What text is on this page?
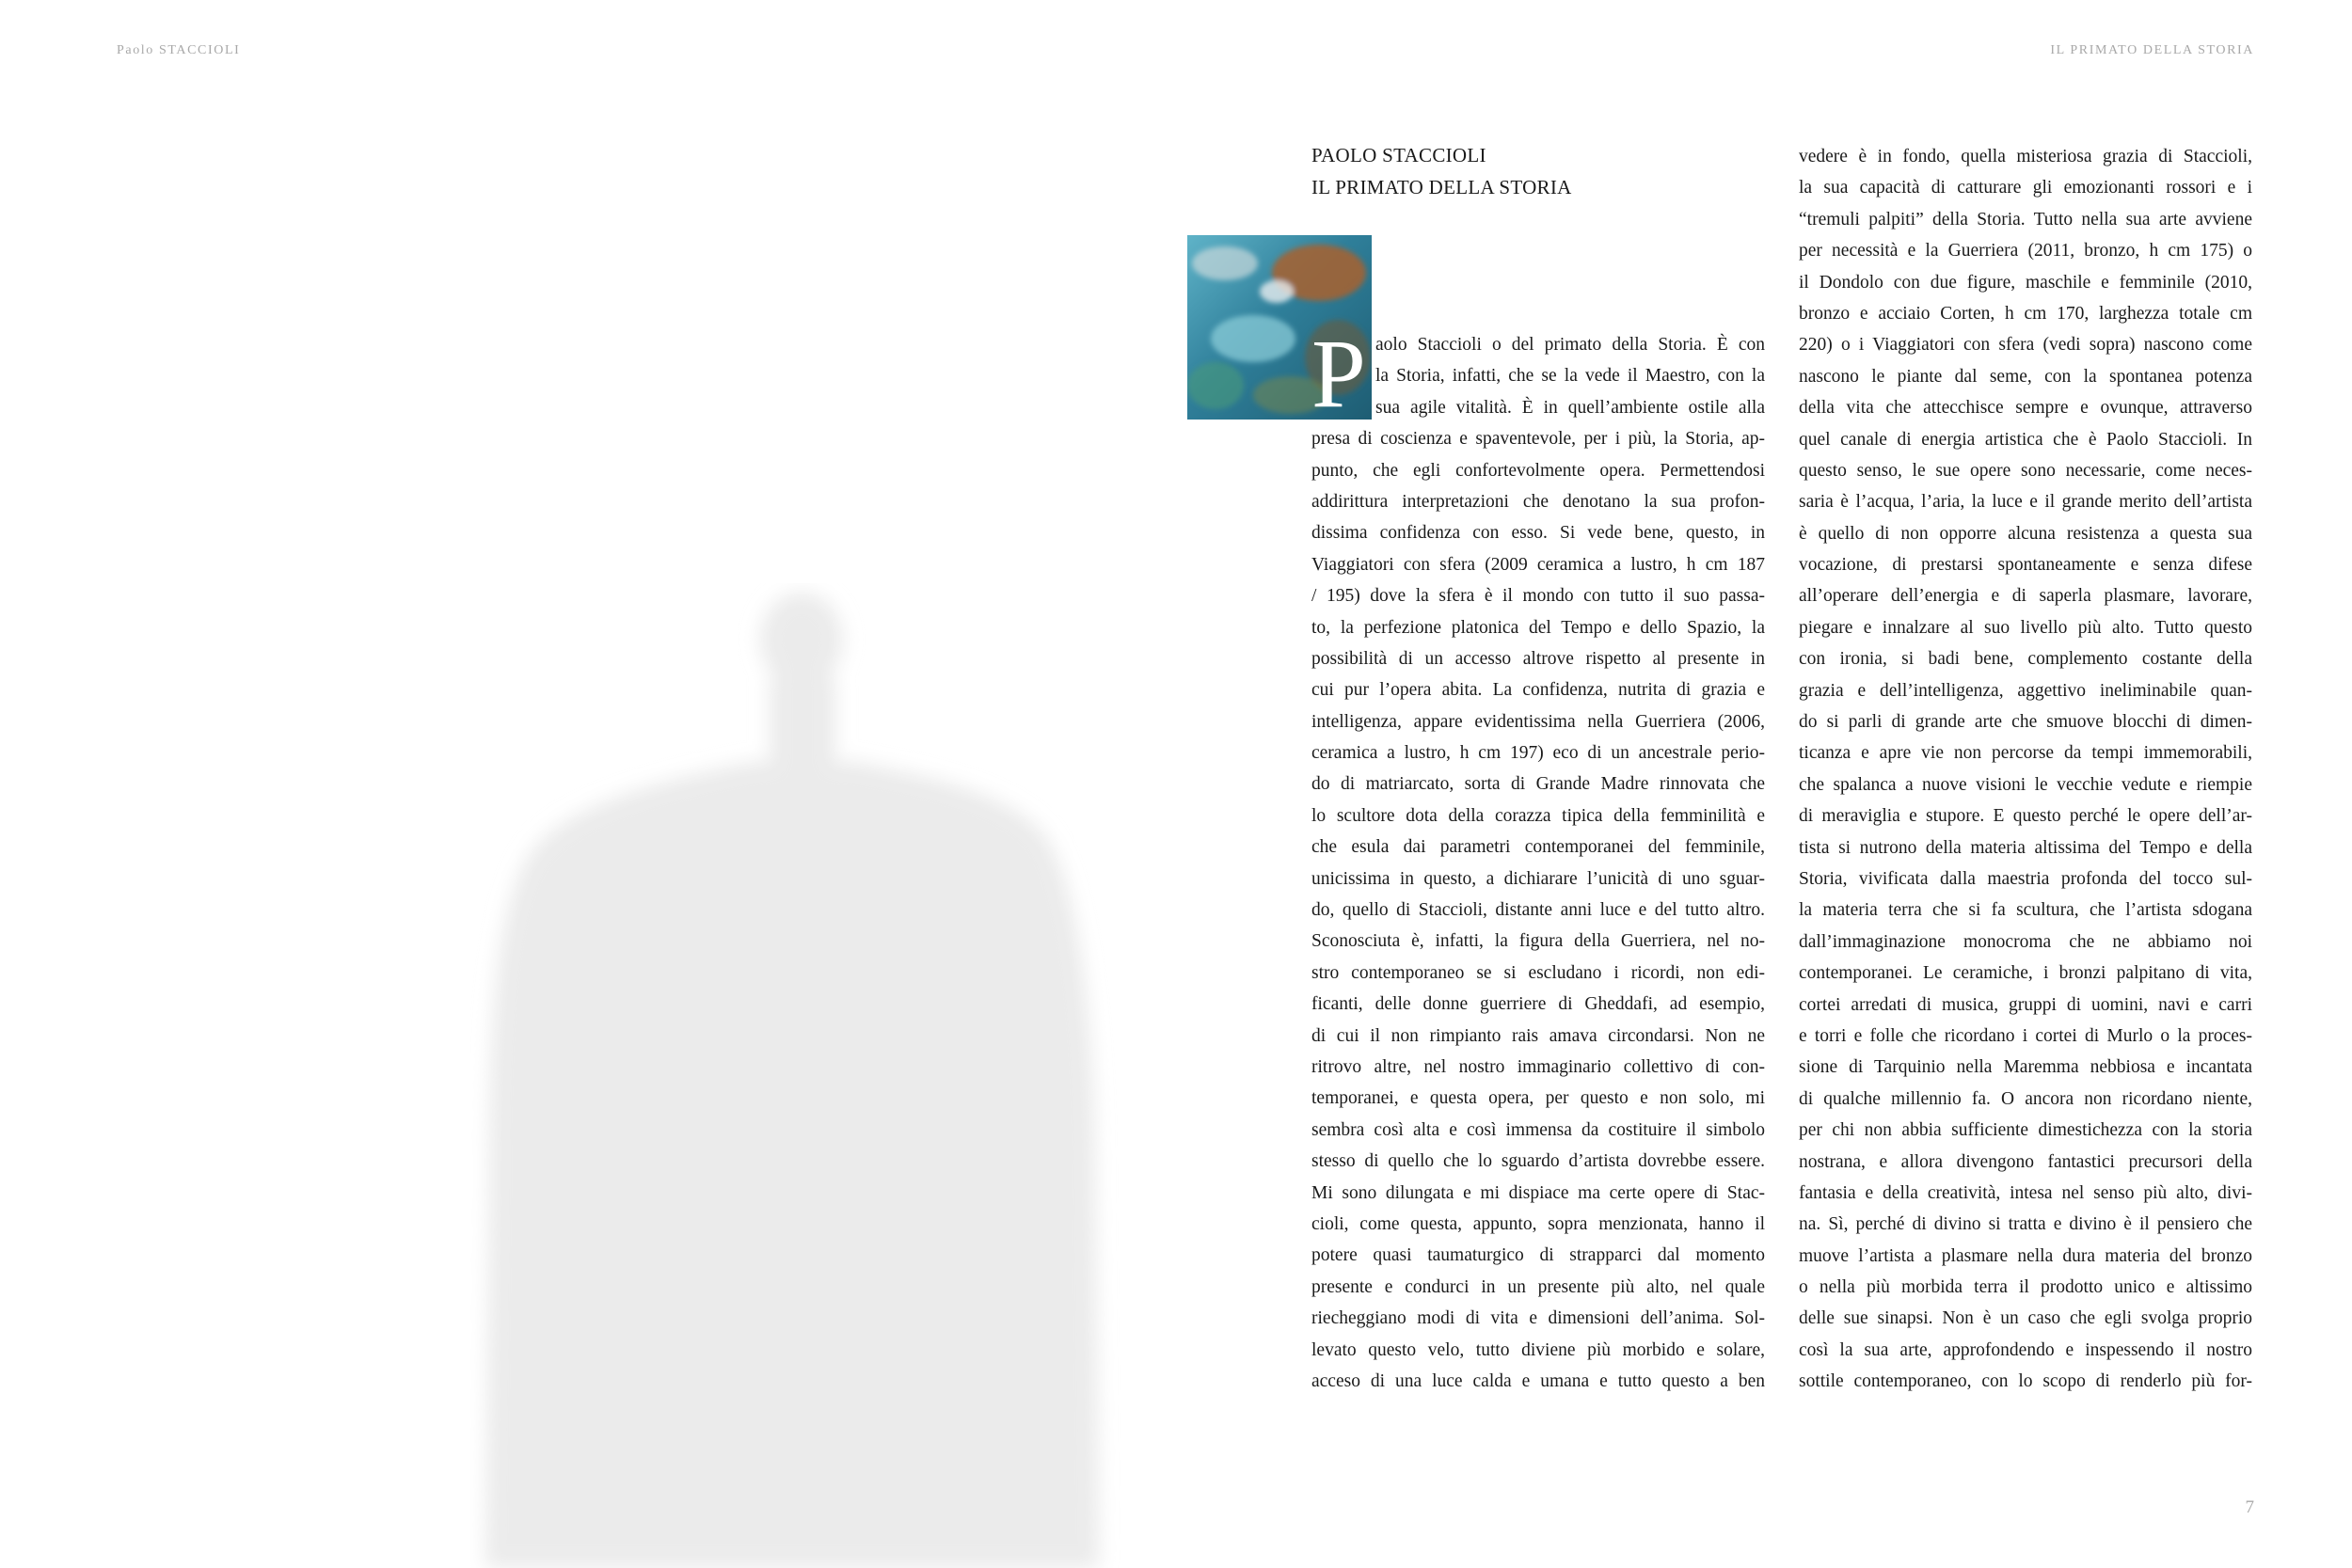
Paolo STACCIOLI	IL PRIMATO DELLA STORIA
PAOLO STACCIOLI
IL PRIMATO DELLA STORIA
P aolo Staccioli o del primato della Storia. È con
la Storia, infatti, che se la vede il Maestro, con la
sua agile vitalità. È in quell’ambiente ostile alla
presa di coscienza e spaventevole, per i più, la Storia, ap-
punto, che egli confortevolmente opera. Permettendosi
addirittura interpretazioni che denotano la sua profon-
dissima confidenza con esso. Si vede bene, questo, in
Viaggiatori con sfera (2009 ceramica a lustro, h cm 187
/ 195) dove la sfera è il mondo con tutto il suo passa-
to, la perfezione platonica del Tempo e dello Spazio, la
possibilità di un accesso altrove rispetto al presente in
cui pur l’opera abita. La confidenza, nutrita di grazia e
intelligenza, appare evidentissima nella Guerriera (2006,
ceramica a lustro, h cm 197) eco di un ancestrale perio-
do di matriarcato, sorta di Grande Madre rinnovata che
lo scultore dota della corazza tipica della femminilità e
che esula dai parametri contemporanei del femminile,
unicissima in questo, a dichiarare l’unicità di uno sguar-
do, quello di Staccioli, distante anni luce e del tutto altro.
Sconosciuta è, infatti, la figura della Guerriera, nel no-
stro contemporaneo se si escludano i ricordi, non edi-
ficanti, delle donne guerriere di Gheddafi, ad esempio,
di cui il non rimpianto rais amava circondarsi. Non ne
ritrovo altre, nel nostro immaginario collettivo di con-
temporanei, e questa opera, per questo e non solo, mi
sembra così alta e così immensa da costituire il simbolo
stesso di quello che lo sguardo d’artista dovrebbe essere.
Mi sono dilungata e mi dispiace ma certe opere di Stac-
cioli, come questa, appunto, sopra menzionata, hanno il
potere quasi taumaturgico di strapparci dal momento
presente e condurci in un presente più alto, nel quale
riecheggiano modi di vita e dimensioni dell’anima. Sol-
levato questo velo, tutto diviene più morbido e solare,
acceso di una luce calda e umana e tutto questo a ben
vedere è in fondo, quella misteriosa grazia di Staccioli,
la sua capacità di catturare gli emozionanti rossori e i
“tremuli palpiti” della Storia. Tutto nella sua arte avviene
per necessità e la Guerriera (2011, bronzo, h cm 175) o
il Dondolo con due figure, maschile e femminile (2010,
bronzo e acciaio Corten, h cm 170, larghezza totale cm
220) o i Viaggiatori con sfera (vedi sopra) nascono come
nascono le piante dal seme, con la spontanea potenza
della vita che attecchisce sempre e ovunque, attraverso
quel canale di energia artistica che è Paolo Staccioli. In
questo senso, le sue opere sono necessarie, come neces-
saria è l’acqua, l’aria, la luce e il grande merito dell’artista
è quello di non opporre alcuna resistenza a questa sua
vocazione, di prestarsi spontaneamente e senza difese
all’operare dell’energia e di saperla plasmare, lavorare,
piegare e innalzare al suo livello più alto. Tutto questo
con ironia, si badi bene, complemento costante della
grazia e dell’intelligenza, aggettivo ineliminabile quan-
do si parli di grande arte che smuove blocchi di dimen-
ticanza e apre vie non percorse da tempi immemorabili,
che spalanca a nuove visioni le vecchie vedute e riempie
di meraviglia e stupore. E questo perché le opere dell’ar-
tista si nutrono della materia altissima del Tempo e della
Storia, vivificata dalla maestria profonda del tocco sul-
la materia terra che si fa scultura, che l’artista sdogana
dall’immaginazione monocroma che ne abbiamo noi
contemporanei. Le ceramiche, i bronzi palpitano di vita,
cortei arredati di musica, gruppi di uomini, navi e carri
e torri e folle che ricordano i cortei di Murlo o la proces-
sione di Tarquinio nella Maremma nebbiosa e incantata
di qualche millennio fa. O ancora non ricordano niente,
per chi non abbia sufficiente dimestichezza con la storia
nostrana, e allora divengono fantastici precursori della
fantasia e della creatività, intesa nel senso più alto, divi-
na. Sì, perché di divino si tratta e divino è il pensiero che
muove l’artista a plasmare nella dura materia del bronzo
o nella più morbida terra il prodotto unico e altissimo
delle sue sinapsi. Non è un caso che egli svolga proprio
così la sua arte, approfondendo e inspessendo il nostro
sottile contemporaneo, con lo scopo di renderlo più for-
7
